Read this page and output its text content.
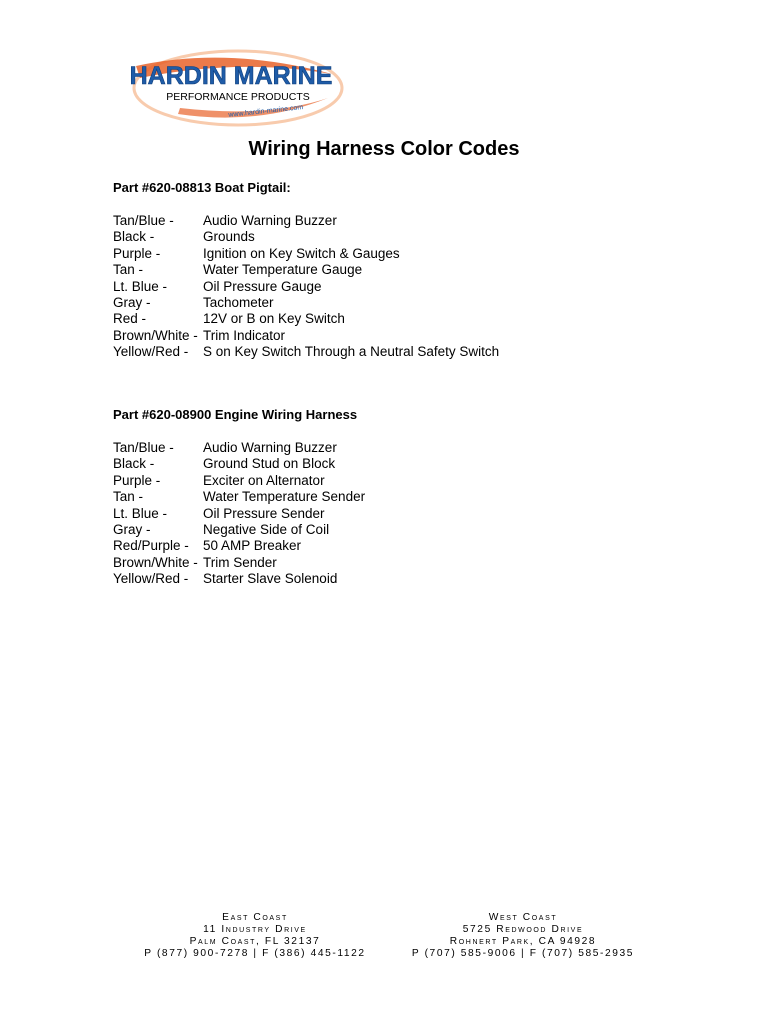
HARDIN MARINE
PERFORMANCE PRODUCTS
www.hardin-marine.com
Wiring Harness Color Codes
Part #620-08813 Boat Pigtail:
Tan/Blue -	Audio Warning Buzzer
Black -	Grounds
Purple -	Ignition on Key Switch & Gauges
Tan -	Water Temperature Gauge
Lt. Blue -	Oil Pressure Gauge
Gray -	Tachometer
Red -	12V or B on Key Switch
Brown/White - Trim Indicator
Yellow/Red -	S on Key Switch Through a Neutral Safety Switch
Part #620-08900 Engine Wiring Harness
Tan/Blue -	Audio Warning Buzzer
Black -	Ground Stud on Block
Purple -	Exciter on Alternator
Tan -	Water Temperature Sender
Lt. Blue -	Oil Pressure Sender
Gray -	Negative Side of Coil
Red/Purple -	50 AMP Breaker
Brown/White - Trim Sender
Yellow/Red -	Starter Slave Solenoid
East Coast
11 Industry Drive
Palm Coast, FL 32137
P (877) 900-7278 | F (386) 445-1122
West Coast
5725 Redwood Drive
Rohnert Park, CA 94928
P (707) 585-9006 | F (707) 585-2935
